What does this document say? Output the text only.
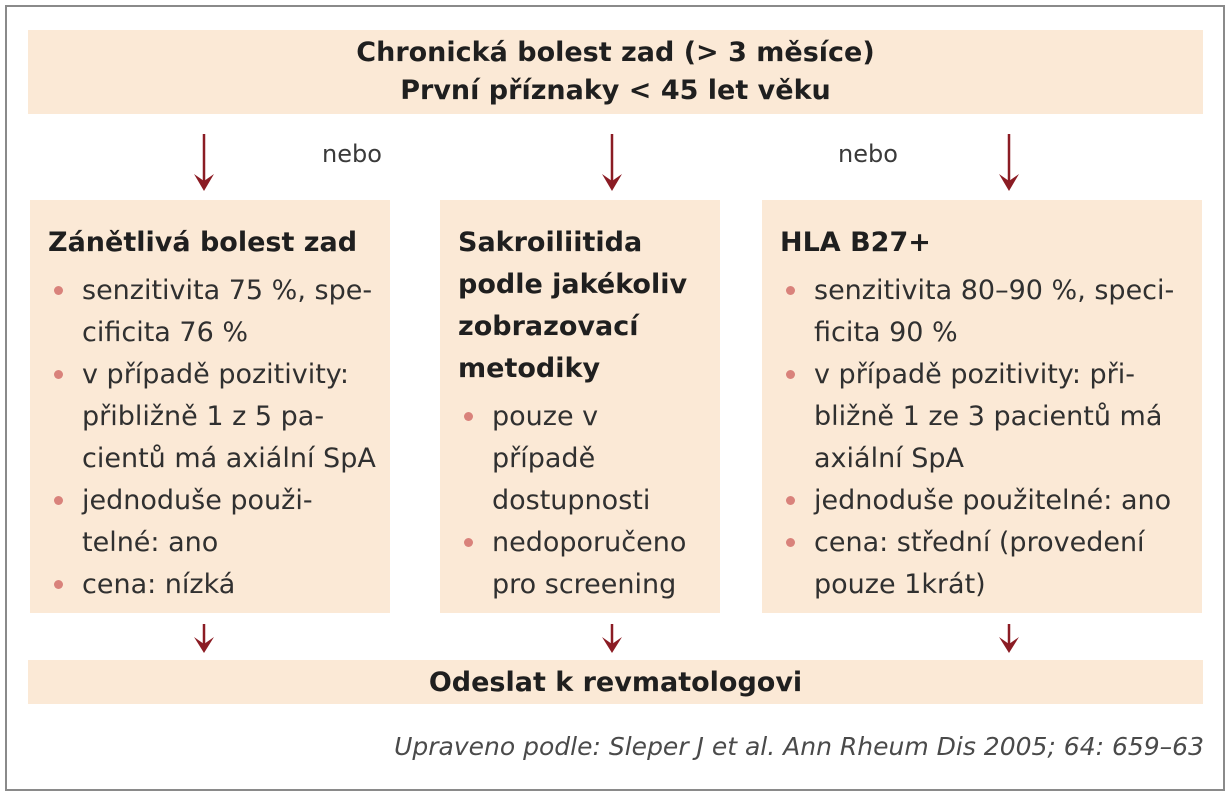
Chronická bolest zad (> 3 měsíce)
První příznaky < 45 let věku
nebo	nebo
Zánětlivá bolest zad
senzitivita 75 %, spe-
cificita 76 %
v případě pozitivity:
přibližně 1 z 5 pa-
cientů má axiální SpA
jednoduše použi-
telné: ano
cena: nízká
Sakroiliitida
podle jakékoliv
zobrazovací
metodiky
pouze v
případě
dostupnosti
nedoporučeno
pro screening
HLA B27+
senzitivita 80–90 %, speci-
ficita 90 %
v případě pozitivity: při-
bližně 1 ze 3 pacientů má
axiální SpA
jednoduše použitelné: ano
cena: střední (provedení
pouze 1krát)
Odeslat k revmatologovi
Upraveno podle: Sleper J et al. Ann Rheum Dis 2005; 64: 659–63
